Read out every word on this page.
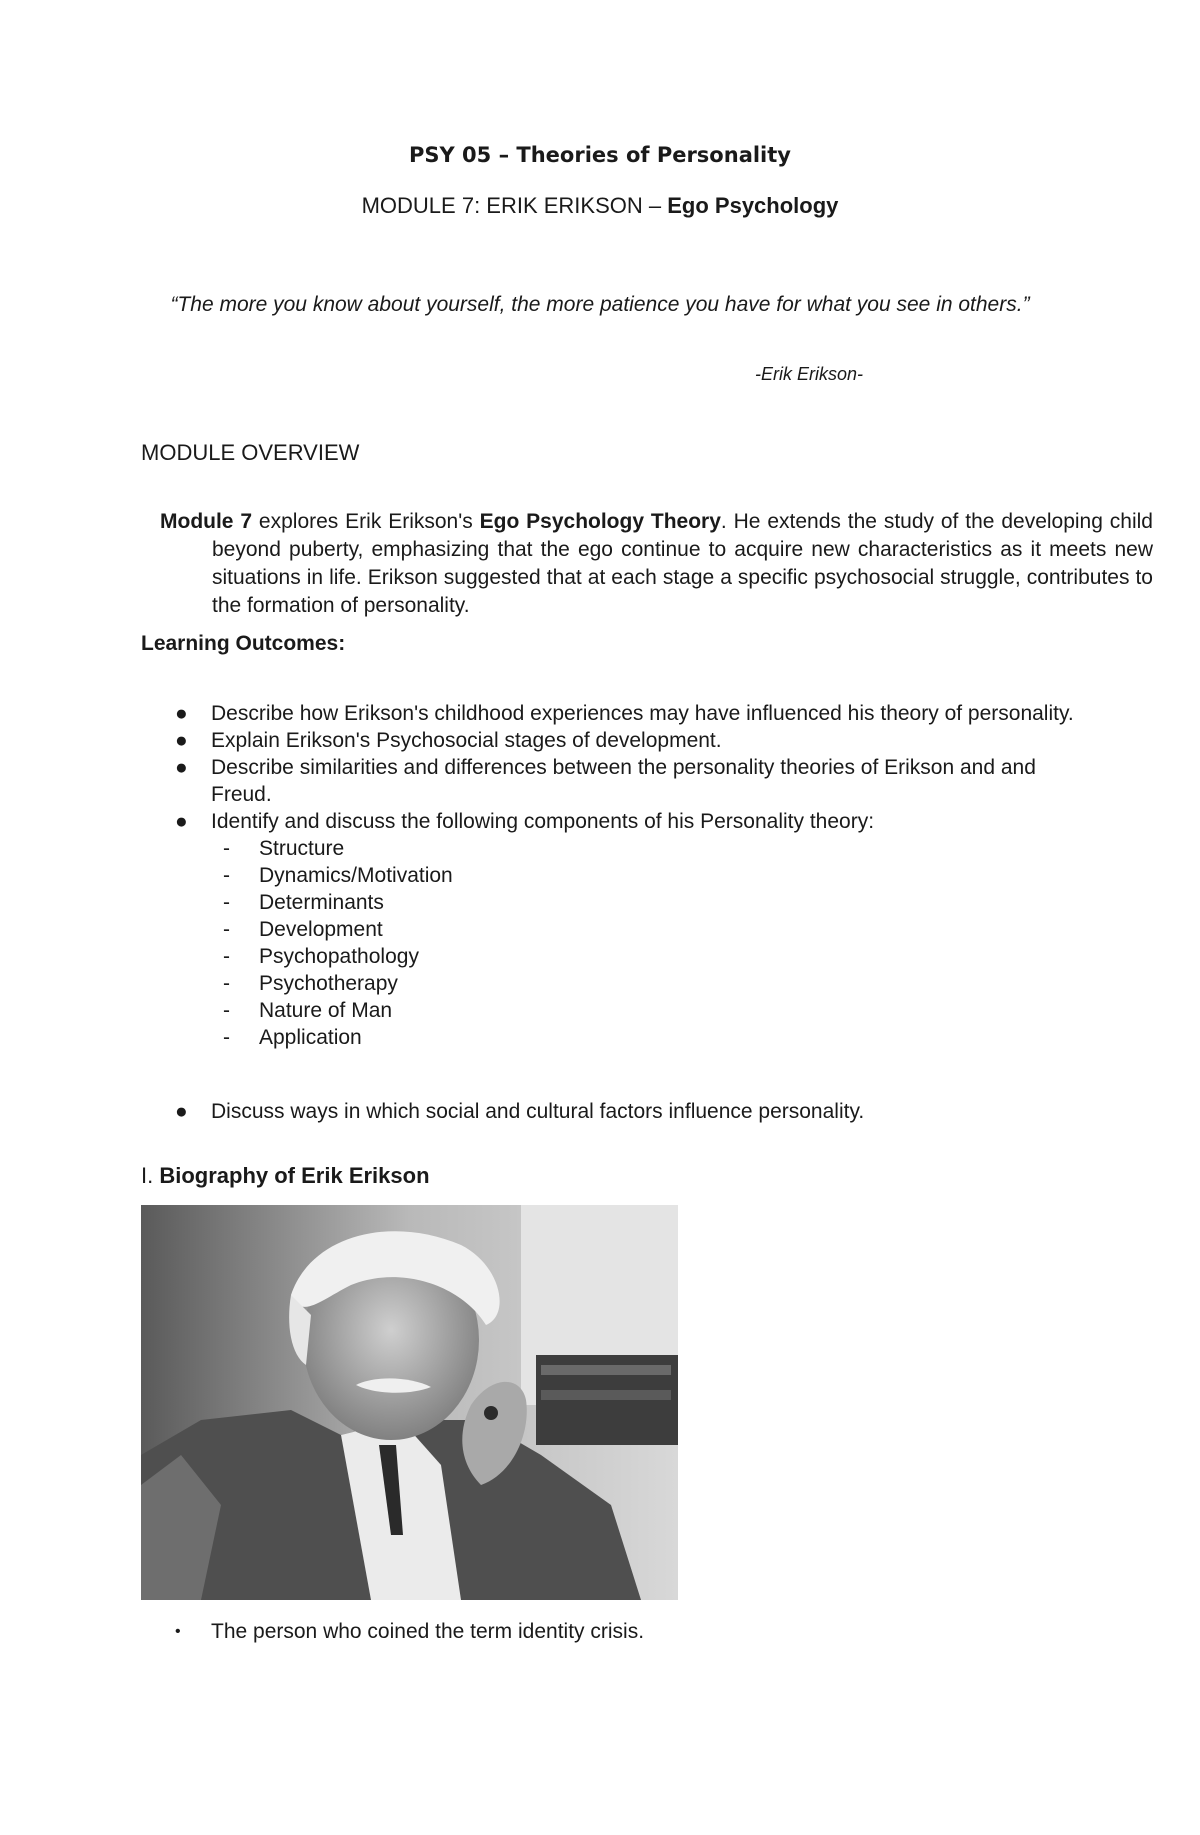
PSY 05 – Theories of Personality
MODULE 7: ERIK ERIKSON – Ego Psychology
“The more you know about yourself, the more patience you have for what you see in others.”
-Erik Erikson-
MODULE OVERVIEW
Module 7 explores Erik Erikson's Ego Psychology Theory. He extends the study of the developing child beyond puberty, emphasizing that the ego continue to acquire new characteristics as it meets new situations in life. Erikson suggested that at each stage a specific psychosocial struggle, contributes to the formation of personality.
Learning Outcomes:
● Describe how Erikson's childhood experiences may have influenced his theory of personality.
● Explain Erikson's Psychosocial stages of development.
● Describe similarities and differences between the personality theories of Erikson and and Freud.
● Identify and discuss the following components of his Personality theory:
- Structure
- Dynamics/Motivation
- Determinants
- Development
- Psychopathology
- Psychotherapy
- Nature of Man
- Application
● Discuss ways in which social and cultural factors influence personality.
I. Biography of Erik Erikson
• The person who coined the term identity crisis.
